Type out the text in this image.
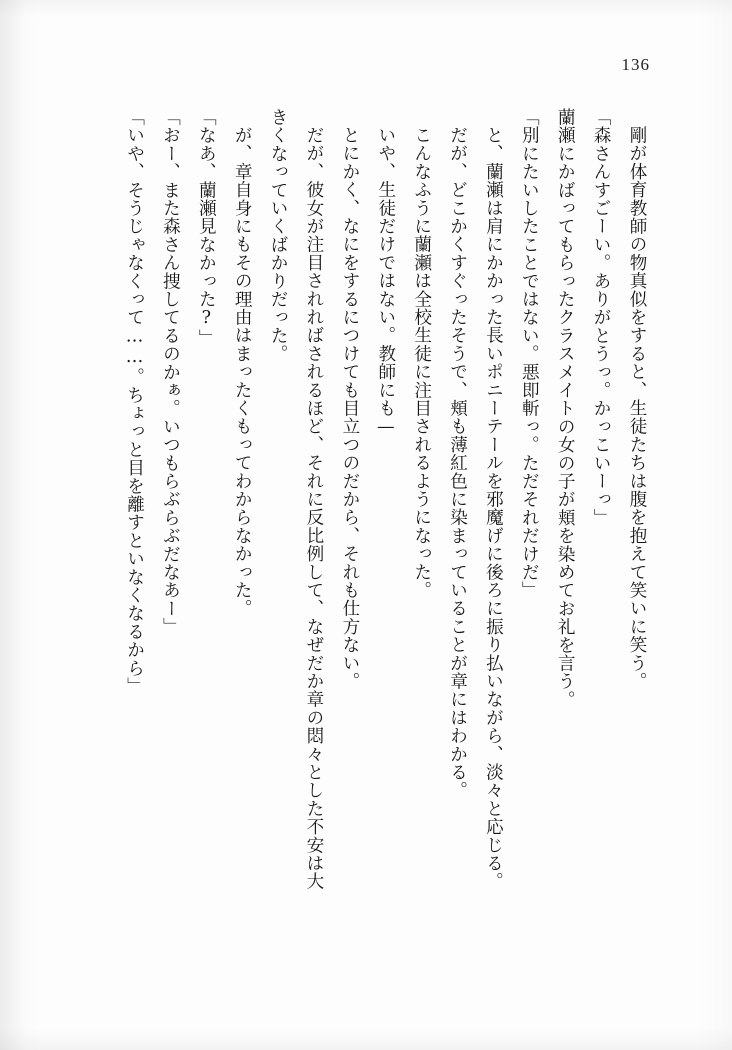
136

剛が体育教師の物真似をすると、生徒たちは腹を抱えて笑いに笑う。

「森さんすごーい。ありがとうっ。かっこいーっ」

蘭瀬にかばってもらったクラスメイトの女の子が頬を染めてお礼を言う。

「別にたいしたことではない。悪即斬っ。ただそれだけだ」

と、蘭瀬は肩にかかった長いポニーテールを邪魔げに後ろに振り払いながら、淡々と応じる。

だが、どこかくすぐったそうで、頬も薄紅色に染まっていることが章にはわかる。

こんなふうに蘭瀬は全校生徒に注目されるようになった。

いや、生徒だけではない。教師にも—

とにかく、なにをするにつけても目立つのだから、それも仕方ない。

だが、彼女が注目されればされるほど、それに反比例して、なぜだか章の悶々とした不安は大きくなっていくばかりだった。

が、章自身にもその理由はまったくもってわからなかった。

「なあ、蘭瀬見なかった?」

「おー、また森さん捜してるのかぁ。いつもらぶらぶだなあー」

「いや、そうじゃなくって……。ちょっと目を離すといなくなるから」
